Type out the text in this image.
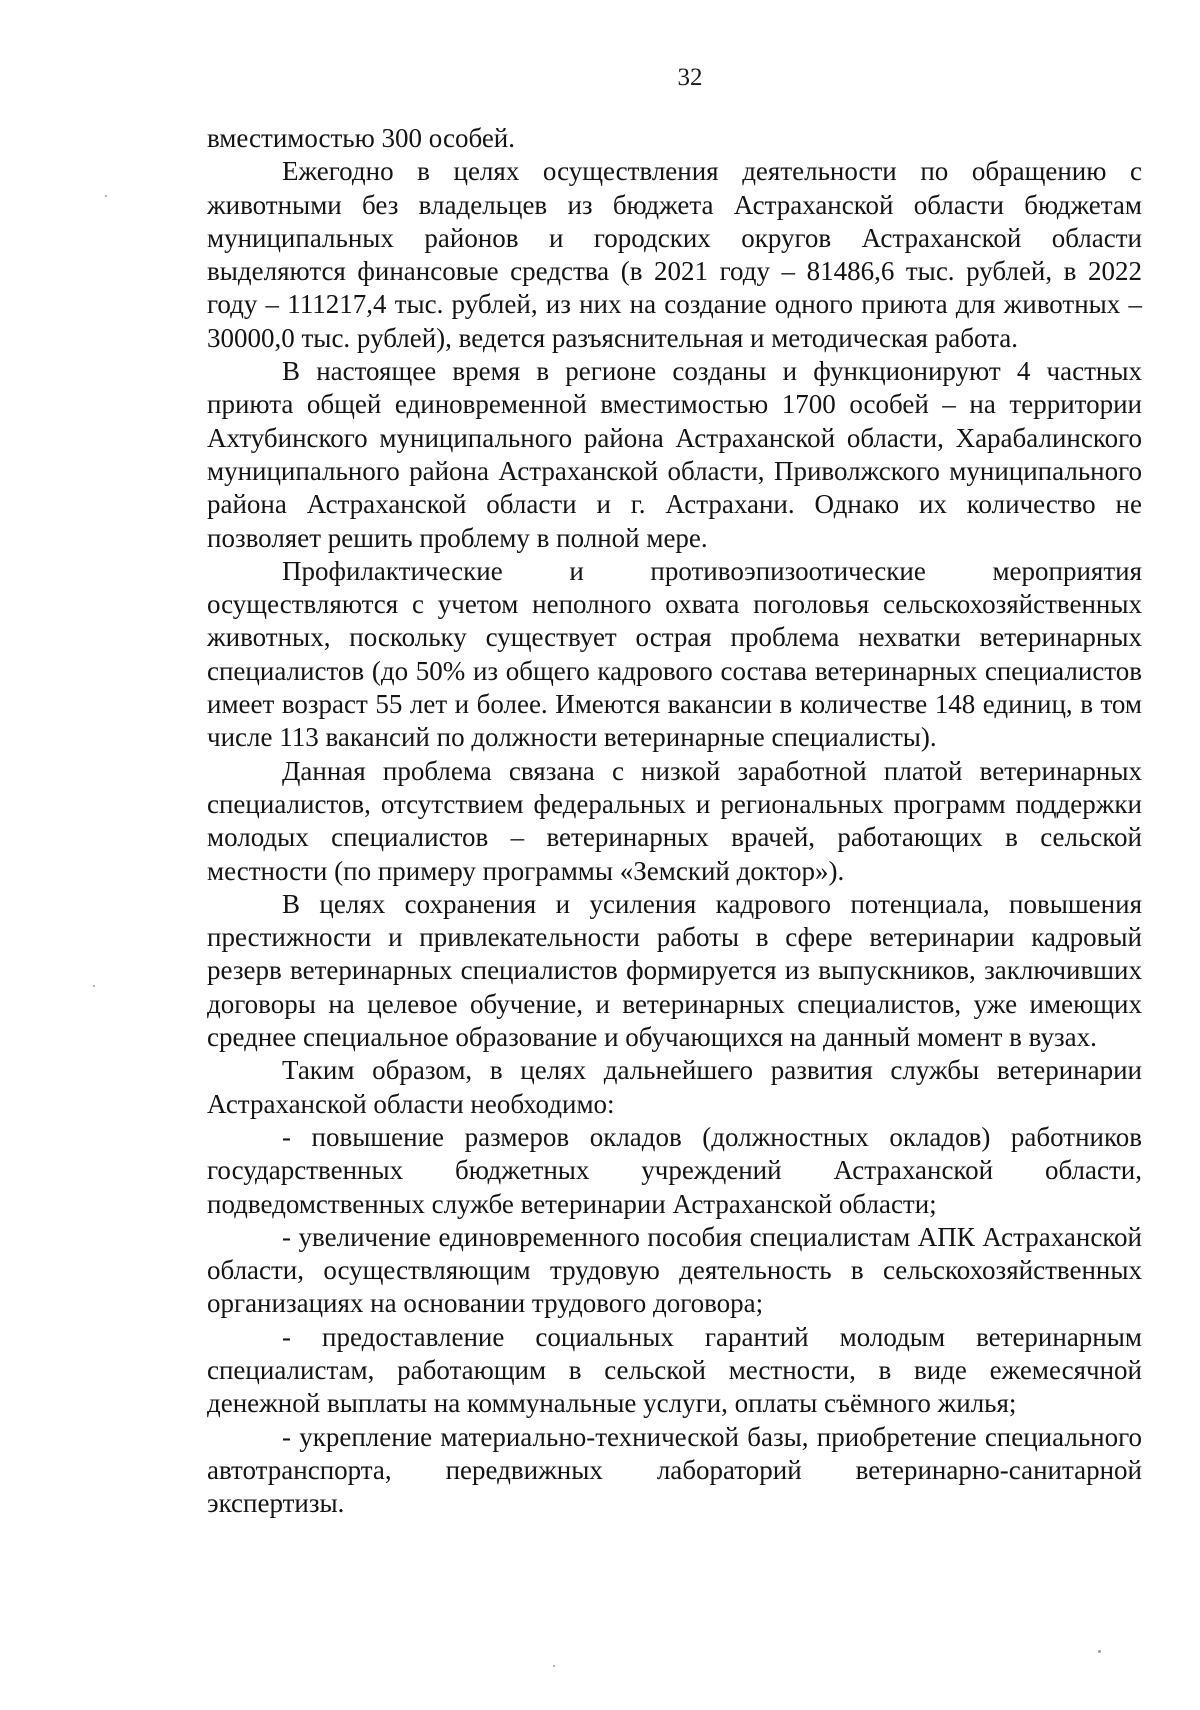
32

вместимостью 300 особей.

Ежегодно в целях осуществления деятельности по обращению с животными без владельцев из бюджета Астраханской области бюджетам муниципальных районов и городских округов Астраханской области выделяются финансовые средства (в 2021 году – 81486,6 тыс. рублей, в 2022 году – 111217,4 тыс. рублей, из них на создание одного приюта для животных – 30000,0 тыс. рублей), ведется разъяснительная и методическая работа.

В настоящее время в регионе созданы и функционируют 4 частных приюта общей единовременной вместимостью 1700 особей – на территории Ахтубинского муниципального района Астраханской области, Харабалинского муниципального района Астраханской области, Приволжского муниципального района Астраханской области и г. Астрахани. Однако их количество не позволяет решить проблему в полной мере.

Профилактические и противоэпизоотические мероприятия осуществляются с учетом неполного охвата поголовья сельскохозяйственных животных, поскольку существует острая проблема нехватки ветеринарных специалистов (до 50% из общего кадрового состава ветеринарных специалистов имеет возраст 55 лет и более. Имеются вакансии в количестве 148 единиц, в том числе 113 вакансий по должности ветеринарные специалисты).

Данная проблема связана с низкой заработной платой ветеринарных специалистов, отсутствием федеральных и региональных программ поддержки молодых специалистов – ветеринарных врачей, работающих в сельской местности (по примеру программы «Земский доктор»).

В целях сохранения и усиления кадрового потенциала, повышения престижности и привлекательности работы в сфере ветеринарии кадровый резерв ветеринарных специалистов формируется из выпускников, заключивших договоры на целевое обучение, и ветеринарных специалистов, уже имеющих среднее специальное образование и обучающихся на данный момент в вузах.

Таким образом, в целях дальнейшего развития службы ветеринарии Астраханской области необходимо:

- повышение размеров окладов (должностных окладов) работников государственных бюджетных учреждений Астраханской области, подведомственных службе ветеринарии Астраханской области;

- увеличение единовременного пособия специалистам АПК Астраханской области, осуществляющим трудовую деятельность в сельскохозяйственных организациях на основании трудового договора;

- предоставление социальных гарантий молодым ветеринарным специалистам, работающим в сельской местности, в виде ежемесячной денежной выплаты на коммунальные услуги, оплаты съёмного жилья;

- укрепление материально-технической базы, приобретение специального автотранспорта, передвижных лабораторий ветеринарно-санитарной экспертизы.
